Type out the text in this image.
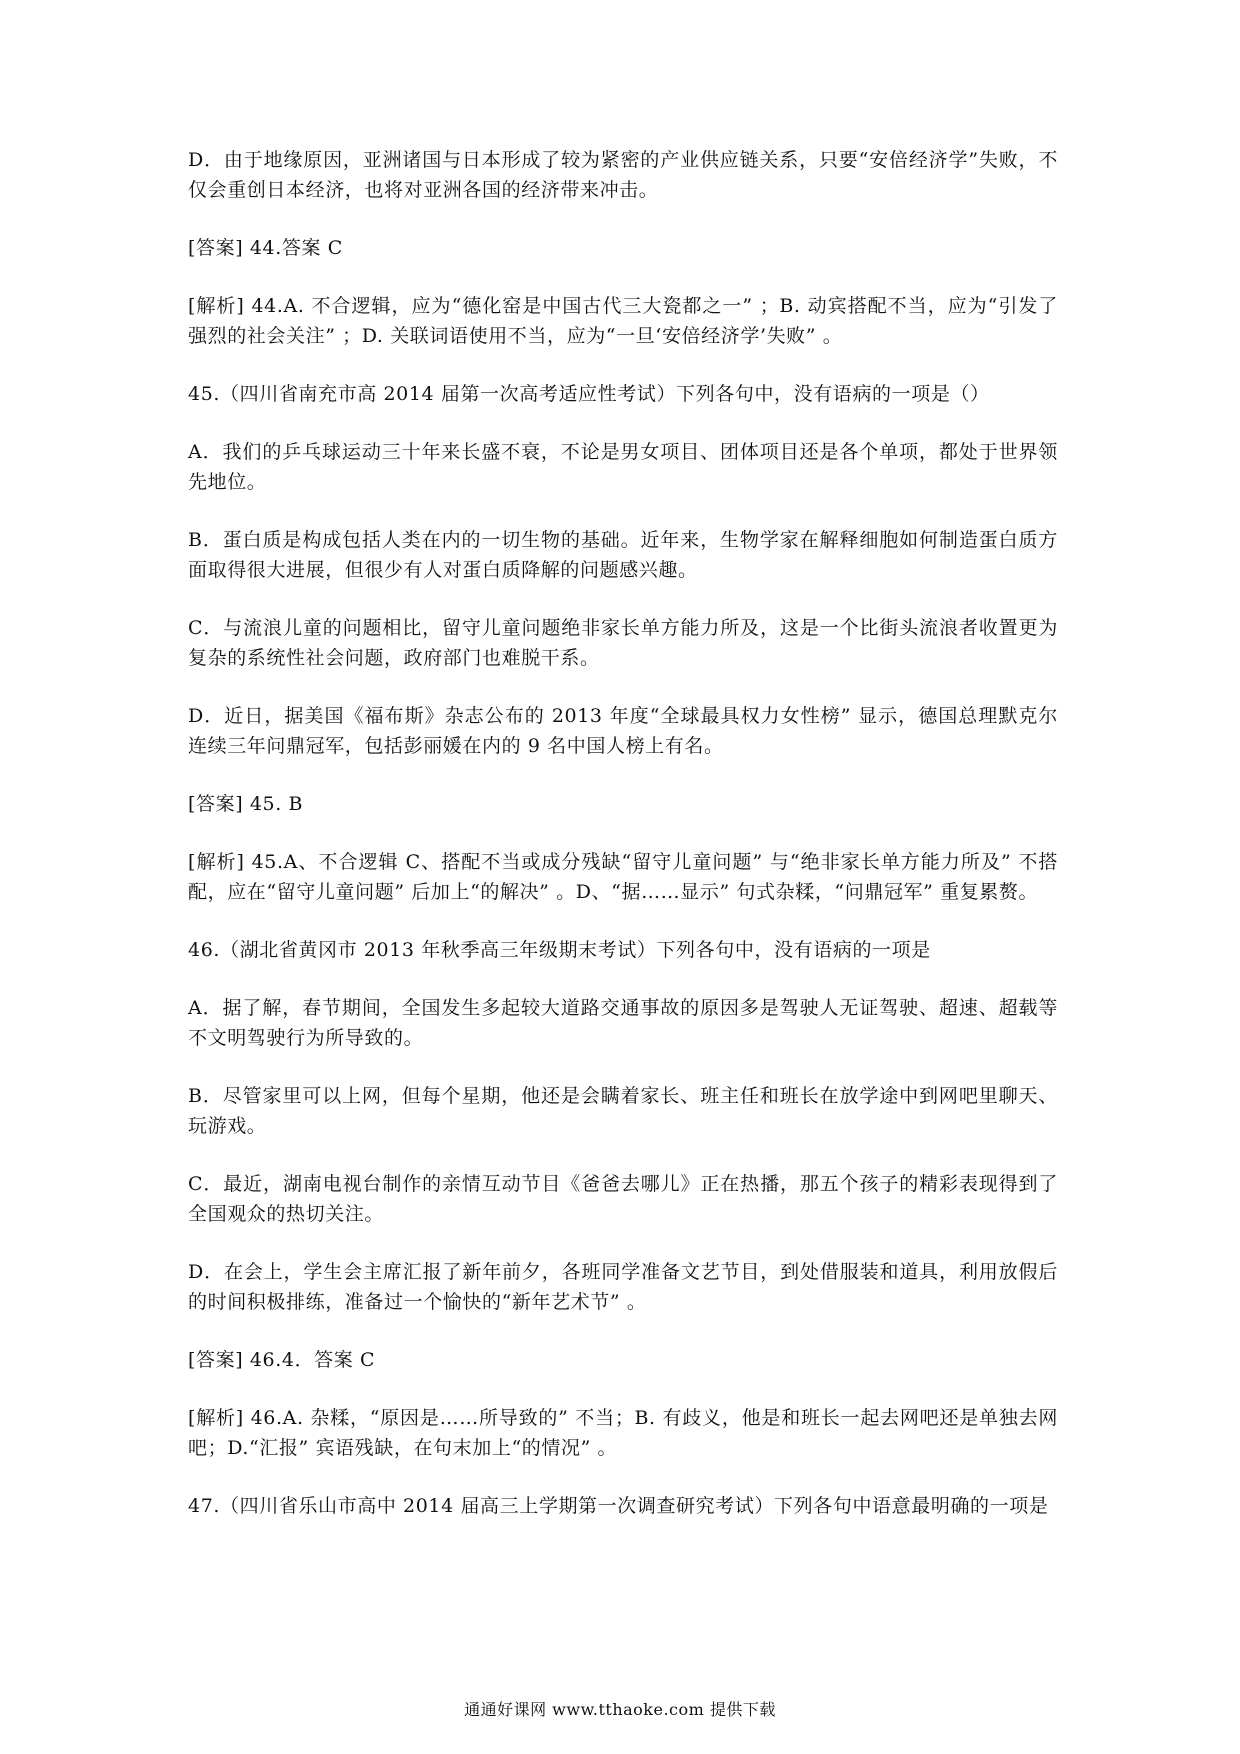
D．由于地缘原因，亚洲诸国与日本形成了较为紧密的产业供应链关系，只要“安倍经济学”失败，不仅会重创日本经济，也将对亚洲各国的经济带来冲击。

[答案] 44.答案 C

[解析] 44.A. 不合逻辑，应为“德化窑是中国古代三大瓷都之一” ；B. 动宾搭配不当，应为“引发了强烈的社会关注” ；D. 关联词语使用不当，应为“一旦‘安倍经济学’失败” 。

45.（四川省南充市高 2014 届第一次高考适应性考试）下列各句中，没有语病的一项是（）

A．我们的乒乓球运动三十年来长盛不衰，不论是男女项目、团体项目还是各个单项，都处于世界领先地位。

B．蛋白质是构成包括人类在内的一切生物的基础。近年来，生物学家在解释细胞如何制造蛋白质方面取得很大进展，但很少有人对蛋白质降解的问题感兴趣。

C．与流浪儿童的问题相比，留守儿童问题绝非家长单方能力所及，这是一个比街头流浪者收置更为复杂的系统性社会问题，政府部门也难脱干系。

D．近日，据美国《福布斯》杂志公布的 2013 年度“全球最具权力女性榜” 显示，德国总理默克尔连续三年问鼎冠军，包括彭丽媛在内的 9 名中国人榜上有名。

[答案] 45. B

[解析] 45.A、不合逻辑 C、搭配不当或成分残缺“留守儿童问题” 与“绝非家长单方能力所及” 不搭配，应在“留守儿童问题” 后加上“的解决” 。D、“据……显示” 句式杂糅，“问鼎冠军” 重复累赘。

46.（湖北省黄冈市 2013 年秋季高三年级期末考试）下列各句中，没有语病的一项是

A．据了解，春节期间，全国发生多起较大道路交通事故的原因多是驾驶人无证驾驶、超速、超载等不文明驾驶行为所导致的。

B．尽管家里可以上网，但每个星期，他还是会瞒着家长、班主任和班长在放学途中到网吧里聊天、玩游戏。

C．最近，湖南电视台制作的亲情互动节目《爸爸去哪儿》正在热播，那五个孩子的精彩表现得到了全国观众的热切关注。

D．在会上，学生会主席汇报了新年前夕，各班同学准备文艺节目，到处借服装和道具，利用放假后的时间积极排练，准备过一个愉快的“新年艺术节” 。

[答案] 46.4．答案 C

[解析] 46.A. 杂糅，“原因是……所导致的” 不当；B. 有歧义，他是和班长一起去网吧还是单独去网吧；D.“汇报” 宾语残缺，在句末加上“的情况” 。

47.（四川省乐山市高中 2014 届高三上学期第一次调查研究考试）下列各句中语意最明确的一项是

通通好课网 www.tthaoke.com 提供下载
